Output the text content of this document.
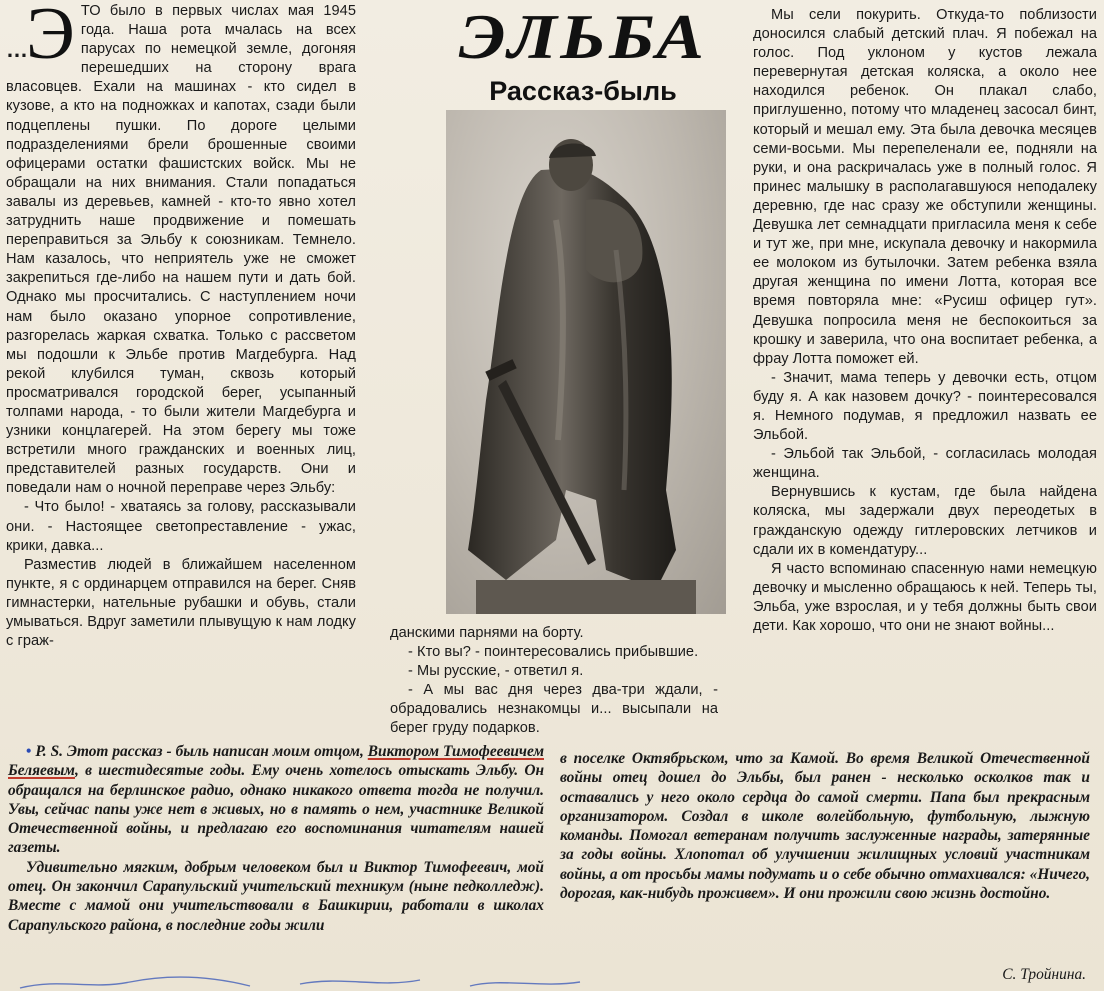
…
Э ТО было в первых числах мая 1945 года. Наша рота мчалась на всех парусах по немецкой земле, догоняя перешедших на сторону врага власовцев. Ехали на машинах - кто сидел в кузове, а кто на подножках и капотах, сзади были подцеплены пушки. По дороге целыми подразделениями брели брошенные своими офицерами остатки фашистских войск. Мы не обращали на них внимания. Стали попадаться завалы из деревьев, камней - кто-то явно хотел затруднить наше продвижение и помешать переправиться за Эльбу к союзникам. Темнело. Нам казалось, что неприятель уже не сможет закрепиться где-либо на нашем пути и дать бой. Однако мы просчитались. С наступлением ночи нам было оказано упорное сопротивление, разгорелась жаркая схватка. Только с рассветом мы подошли к Эльбе против Магдебурга. Над рекой клубился туман, сквозь который просматривался городской берег, усыпанный толпами народа, - то были жители Магдебурга и узники концлагерей. На этом берегу мы тоже встретили много гражданских и военных лиц, представителей разных государств. Они и поведали нам о ночной переправе через Эльбу:

- Что было! - хватаясь за голову, рассказывали они. - Настоящее светопреставление - ужас, крики, давка...

Разместив людей в ближайшем населенном пункте, я с ординарцем отправился на берег. Сняв гимнастерки, нательные рубашки и обувь, стали умываться. Вдруг заметили плывущую к нам лодку с граж-

ЭЛЬБА
Рассказ-быль

данскими парнями на борту.

- Кто вы? - поинтересовались прибывшие.

- Мы русские, - ответил я.

- А мы вас дня через два-три ждали, - обрадовались незнакомцы и... высыпали на берег груду подарков.

Мы сели покурить. Откуда-то поблизости доносился слабый детский плач. Я побежал на голос. Под уклоном у кустов лежала перевернутая детская коляска, а около нее находился ребенок. Он плакал слабо, приглушенно, потому что младенец засосал бинт, который и мешал ему. Эта была девочка месяцев семи-восьми. Мы перепеленали ее, подняли на руки, и она раскричалась уже в полный голос. Я принес малышку в располагавшуюся неподалеку деревню, где нас сразу же обступили женщины. Девушка лет семнадцати пригласила меня к себе и тут же, при мне, искупала девочку и накормила ее молоком из бутылочки. Затем ребенка взяла другая женщина по имени Лотта, которая все время повторяла мне: «Русиш офицер гут». Девушка попросила меня не беспокоиться за крошку и заверила, что она воспитает ребенка, а фрау Лотта поможет ей.

- Значит, мама теперь у девочки есть, отцом буду я. А как назовем дочку? - поинтересовался я. Немного подумав, я предложил назвать ее Эльбой.

- Эльбой так Эльбой, - согласилась молодая женщина.

Вернувшись к кустам, где была найдена коляска, мы задержали двух переодетых в гражданскую одежду гитлеровских летчиков и сдали их в комендатуру...

Я часто вспоминаю спасенную нами немецкую девочку и мысленно обращаюсь к ней. Теперь ты, Эльба, уже взрослая, и у тебя должны быть свои дети. Как хорошо, что они не знают войны...

• P. S. Этот рассказ - быль написан моим отцом, Виктором Тимофеевичем Беляевым, в шестидесятые годы. Ему очень хотелось отыскать Эльбу. Он обращался на берлинское радио, однако никакого ответа тогда не получил. Увы, сейчас папы уже нет в живых, но в память о нем, участнике Великой Отечественной войны, и предлагаю его воспоминания читателям нашей газеты.

Удивительно мягким, добрым человеком был и Виктор Тимофеевич, мой отец. Он закончил Сарапульский учительский техникум (ныне педколледж). Вместе с мамой они учительствовали в Башкирии, работали в школах Сарапульского района, в последние годы жили

в поселке Октябрьском, что за Камой. Во время Великой Отечественной войны отец дошел до Эльбы, был ранен - несколько осколков так и оставались у него около сердца до самой смерти. Папа был прекрасным организатором. Создал в школе волейбольную, футбольную, лыжную команды. Помогал ветеранам получить заслуженные награды, затерянные за годы войны. Хлопотал об улучшении жилищных условий участникам войны, а от просьбы мамы подумать и о себе обычно отмахивался: «Ничего, дорогая, как-нибудь проживем». И они прожили свою жизнь достойно.

С. Тройнина.
